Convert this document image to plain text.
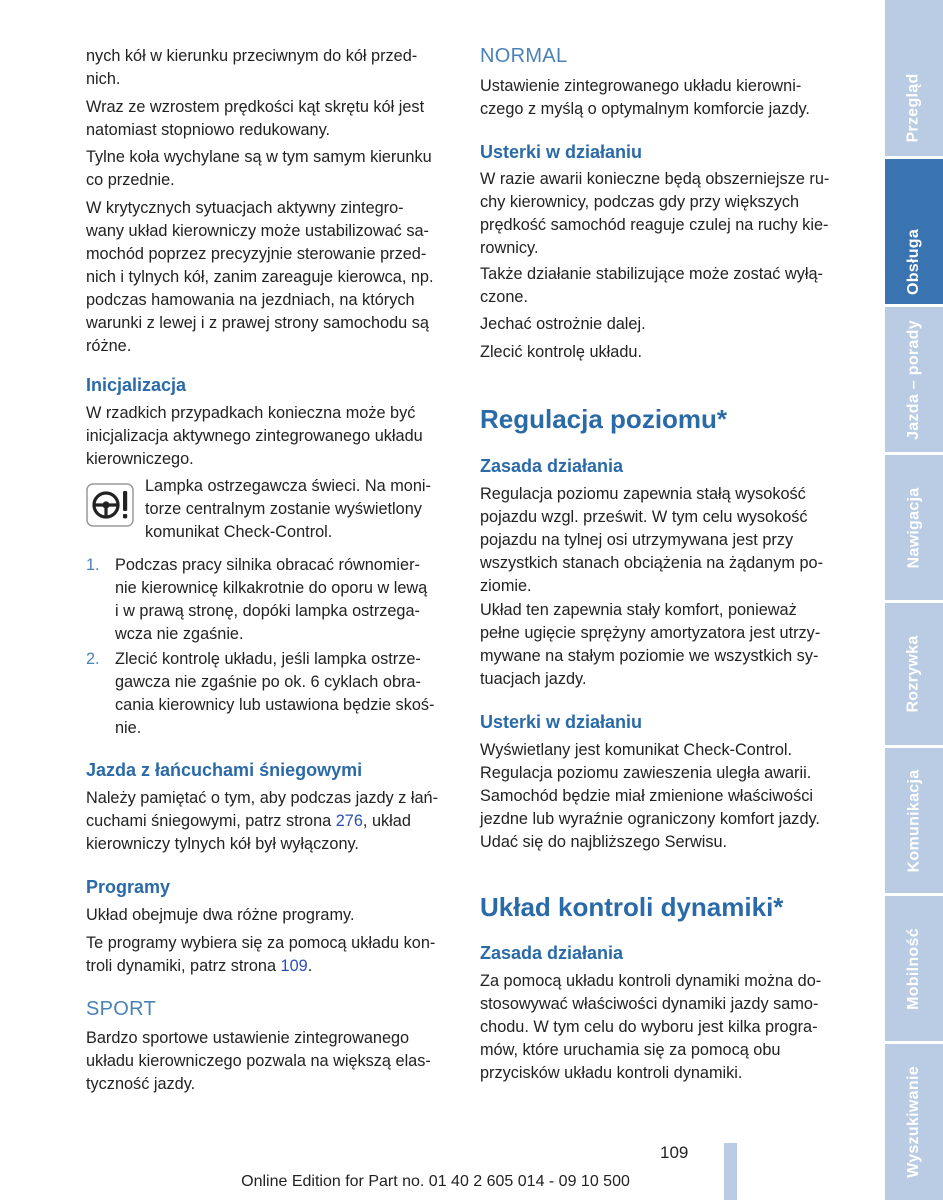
nych kół w kierunku przeciwnym do kół przed-
nich.

Wraz ze wzrostem prędkości kąt skrętu kół jest
natomiast stopniowo redukowany.

Tylne koła wychylane są w tym samym kierunku
co przednie.

W krytycznych sytuacjach aktywny zintegro-
wany układ kierowniczy może ustabilizować sa-
mochód poprzez precyzyjnie sterowanie przed-
nich i tylnych kół, zanim zareaguje kierowca, np.
podczas hamowania na jezdniach, na których
warunki z lewej i z prawej strony samochodu są
różne.

Inicjalizacja

W rzadkich przypadkach konieczna może być
inicjalizacja aktywnego zintegrowanego układu
kierowniczego.

Lampka ostrzegawcza świeci. Na moni-
torze centralnym zostanie wyświetlony
komunikat Check-Control.

1. Podczas pracy silnika obracać równomier-
nie kierownicę kilkakrotnie do oporu w lewą
i w prawą stronę, dopóki lampka ostrzega-
wcza nie zgaśnie.
2. Zlecić kontrolę układu, jeśli lampka ostrze-
gawcza nie zgaśnie po ok. 6 cyklach obra-
cania kierownicy lub ustawiona będzie skoś-
nie.
Jazda z łańcuchami śniegowymi

Należy pamiętać o tym, aby podczas jazdy z łań-
cuchami śniegowymi, patrz strona 276, układ
kierowniczy tylnych kół był wyłączony.

Programy

Układ obejmuje dwa różne programy.

Te programy wybiera się za pomocą układu kon-
troli dynamiki, patrz strona 109.

SPORT

Bardzo sportowe ustawienie zintegrowanego
układu kierowniczego pozwala na większą elas-
tyczność jazdy.

NORMAL

Ustawienie zintegrowanego układu kierowni-
czego z myślą o optymalnym komforcie jazdy.

Usterki w działaniu

W razie awarii konieczne będą obszerniejsze ru-
chy kierownicy, podczas gdy przy większych
prędkość samochód reaguje czulej na ruchy kie-
rownicy.

Także działanie stabilizujące może zostać wyłą-
czone.

Jechać ostrożnie dalej.

Zlecić kontrolę układu.

Regulacja poziomu*
Zasada działania

Regulacja poziomu zapewnia stałą wysokość
pojazdu wzgl. prześwit. W tym celu wysokość
pojazdu na tylnej osi utrzymywana jest przy
wszystkich stanach obciążenia na żądanym po-
ziomie.

Układ ten zapewnia stały komfort, ponieważ
pełne ugięcie sprężyny amortyzatora jest utrzy-
mywane na stałym poziomie we wszystkich sy-
tuacjach jazdy.

Usterki w działaniu

Wyświetlany jest komunikat Check-Control.
Regulacja poziomu zawieszenia uległa awarii.
Samochód będzie miał zmienione właściwości
jezdne lub wyraźnie ograniczony komfort jazdy.
Udać się do najbliższego Serwisu.

Układ kontroli dynamiki*
Zasada działania

Za pomocą układu kontroli dynamiki można do-
stosowywać właściwości dynamiki jazdy samo-
chodu. W tym celu do wyboru jest kilka progra-
mów, które uruchamia się za pomocą obu
przycisków układu kontroli dynamiki.

Przegląd
Obsługa
Jazda – porady
Nawigacja
Rozrywka
Komunikacja
Mobilność
Wyszukiwanie
109
Online Edition for Part no. 01 40 2 605 014 - 09 10 500
